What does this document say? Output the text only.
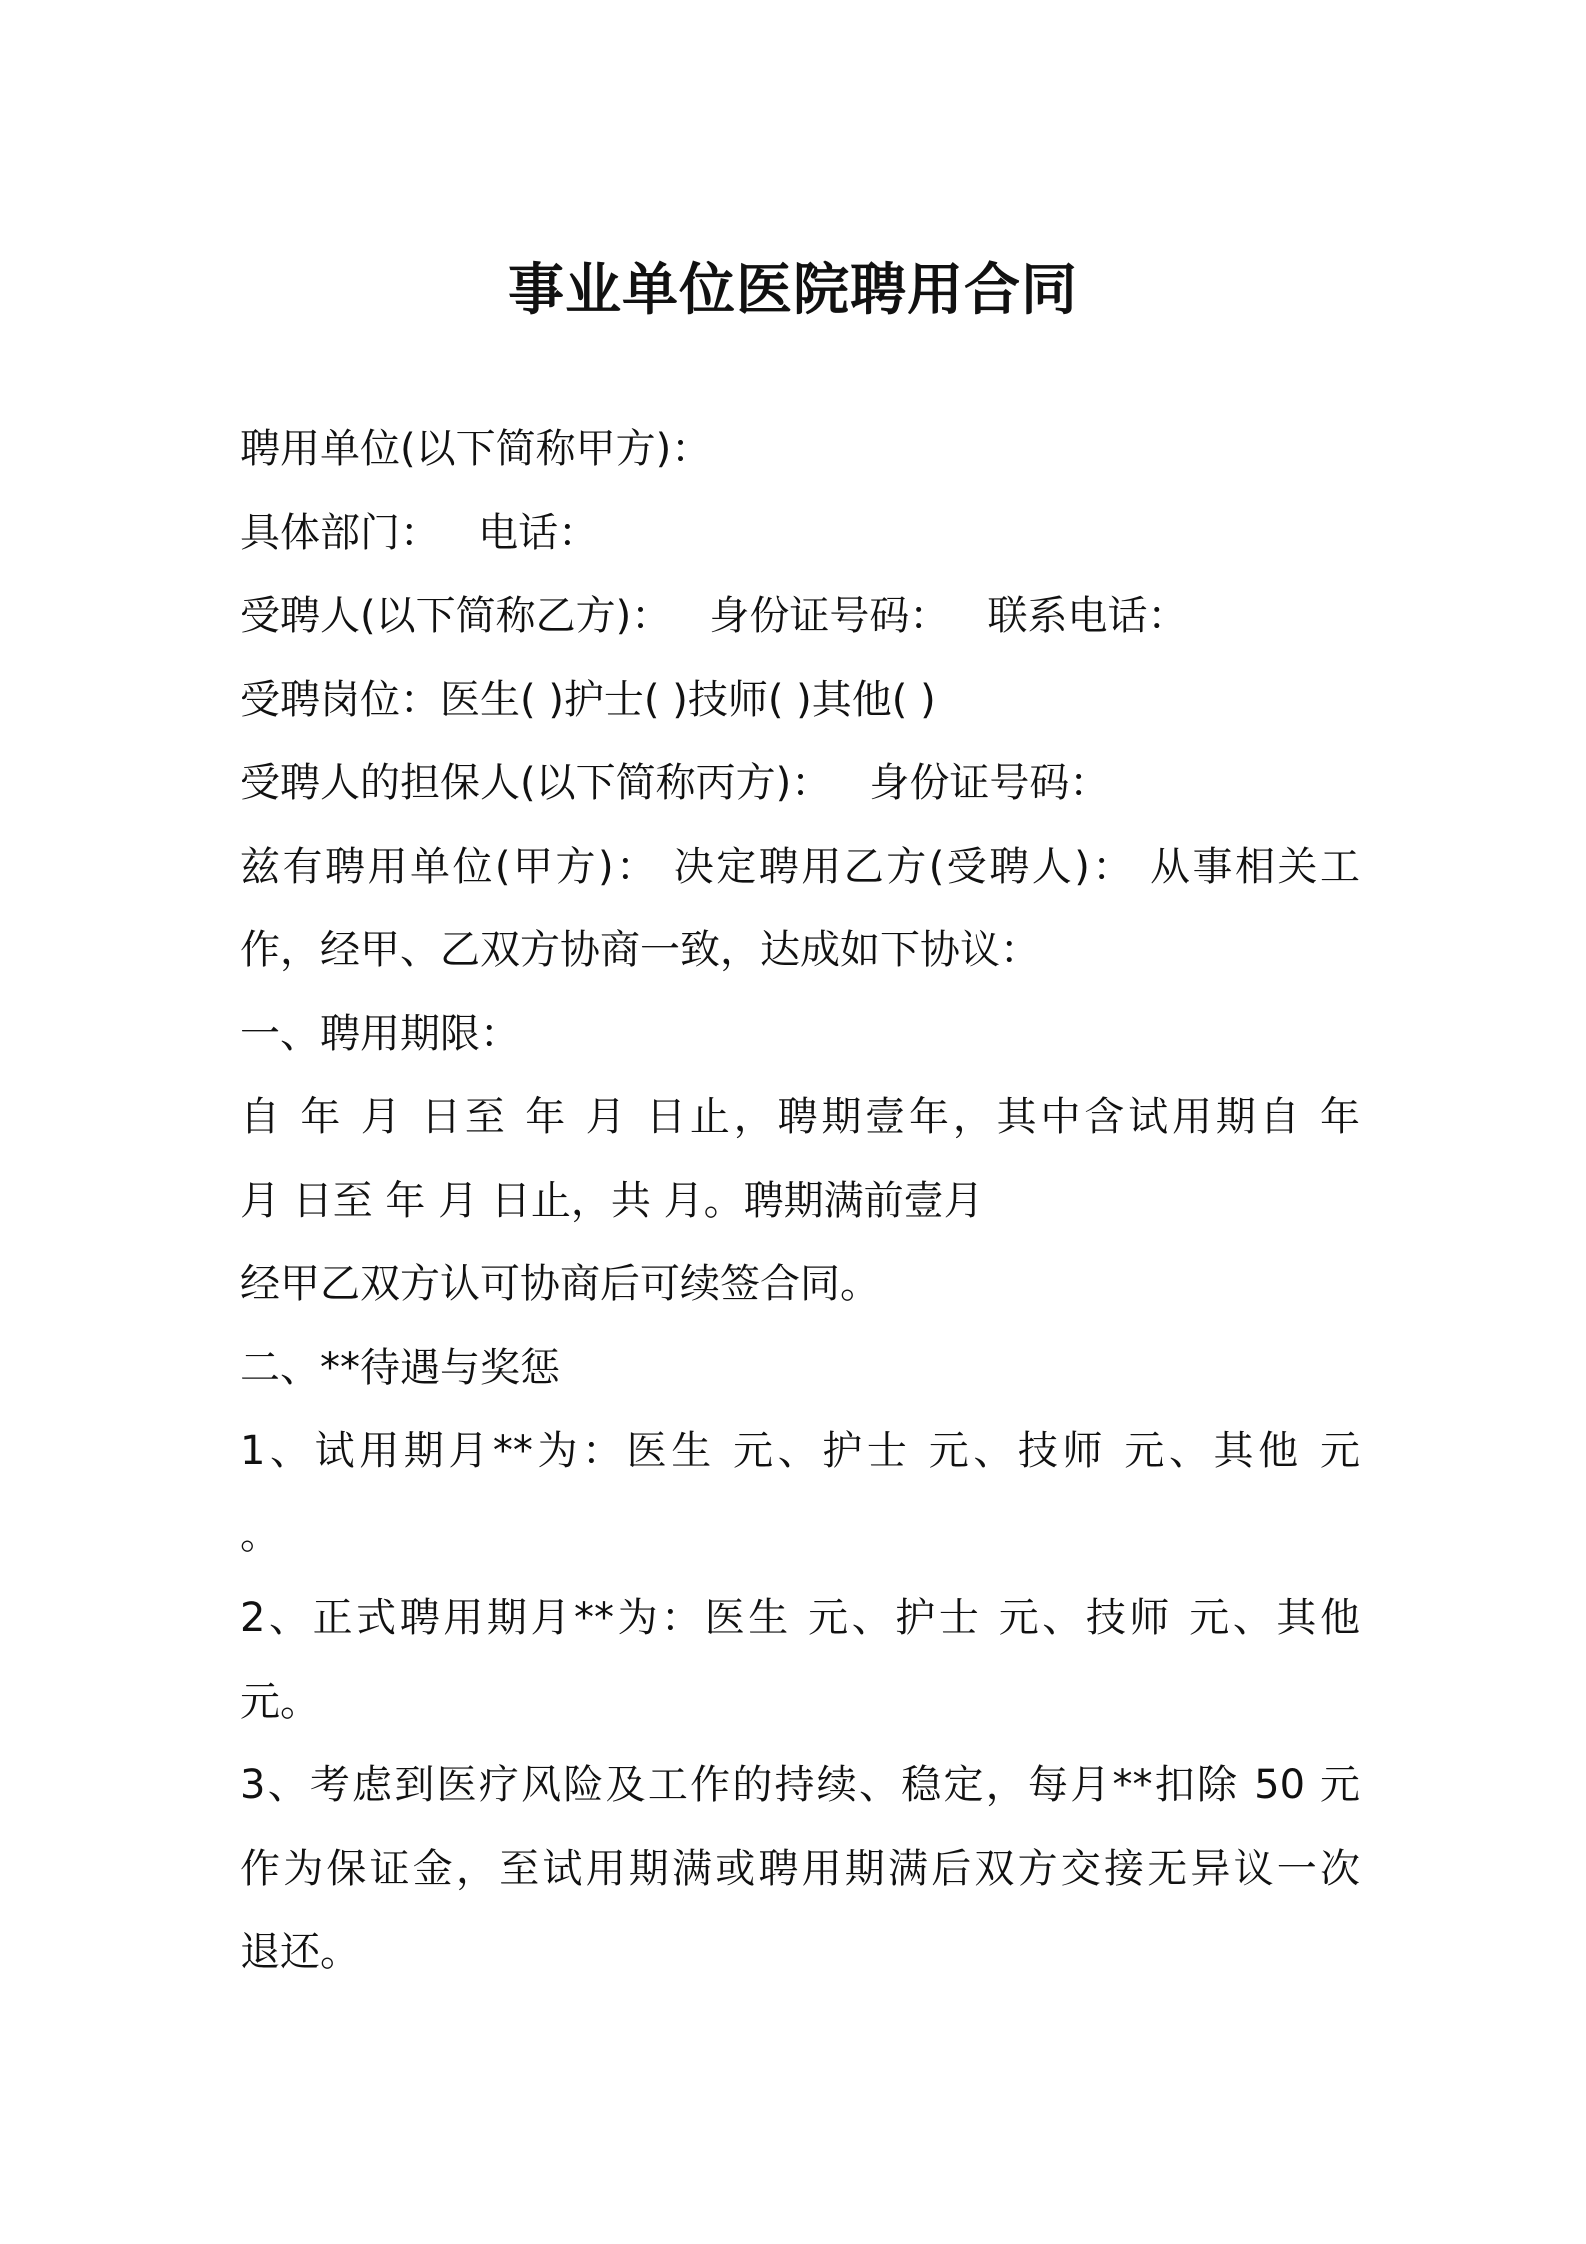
事业单位医院聘用合同

聘用单位(以下简称甲方)：

具体部门：   电话：

受聘人(以下简称乙方)：   身份证号码：   联系电话：

受聘岗位：医生( )护士( )技师( )其他( )

受聘人的担保人(以下简称丙方)：   身份证号码：

兹有聘用单位(甲方)： 决定聘用乙方(受聘人)： 从事相关工

作，经甲、乙双方协商一致，达成如下协议：

一、聘用期限：

自 年 月 日至 年 月 日止，聘期壹年，其中含试用期自 年

月 日至 年 月 日止，共 月。聘期满前壹月

经甲乙双方认可协商后可续签合同。

二、**待遇与奖惩

1、试用期月**为：医生 元、护士 元、技师 元、其他 元

。

2、正式聘用期月**为：医生 元、护士 元、技师 元、其他

元。

3、考虑到医疗风险及工作的持续、稳定，每月**扣除 50 元

作为保证金，至试用期满或聘用期满后双方交接无异议一次

退还。
